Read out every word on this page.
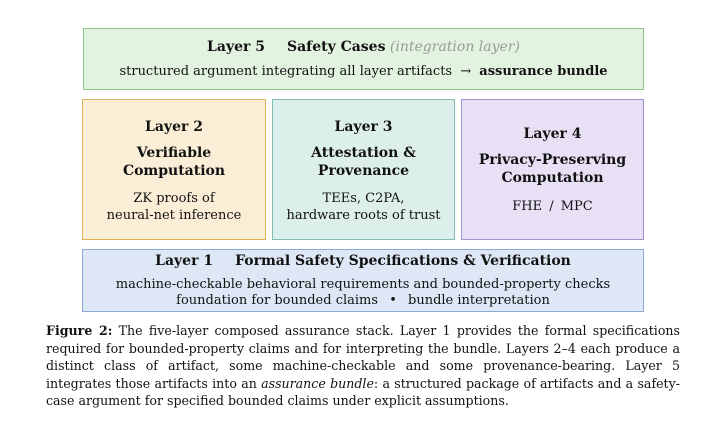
Layer 5 Safety Cases (integration layer)
structured argument integrating all layer artifacts → assurance bundle
Layer 2
Verifiable
Computation
ZK proofs of
neural-net inference
Layer 3
Attestation &
Provenance
TEEs, C2PA,
hardware roots of trust
Layer 4
Privacy-Preserving
Computation
FHE / MPC
Layer 1 Formal Safety Specifications & Verification
machine-checkable behavioral requirements and bounded-property checks
foundation for bounded claims • bundle interpretation
Figure 2: The five-layer composed assurance stack. Layer 1 provides the formal specifications required for bounded-property claims and for interpreting the bundle. Layers 2–4 each produce a distinct class of artifact, some machine-checkable and some provenance-bearing. Layer 5 integrates those artifacts into an assurance bundle: a structured package of artifacts and a safety-case argument for specified bounded claims under explicit assumptions.
